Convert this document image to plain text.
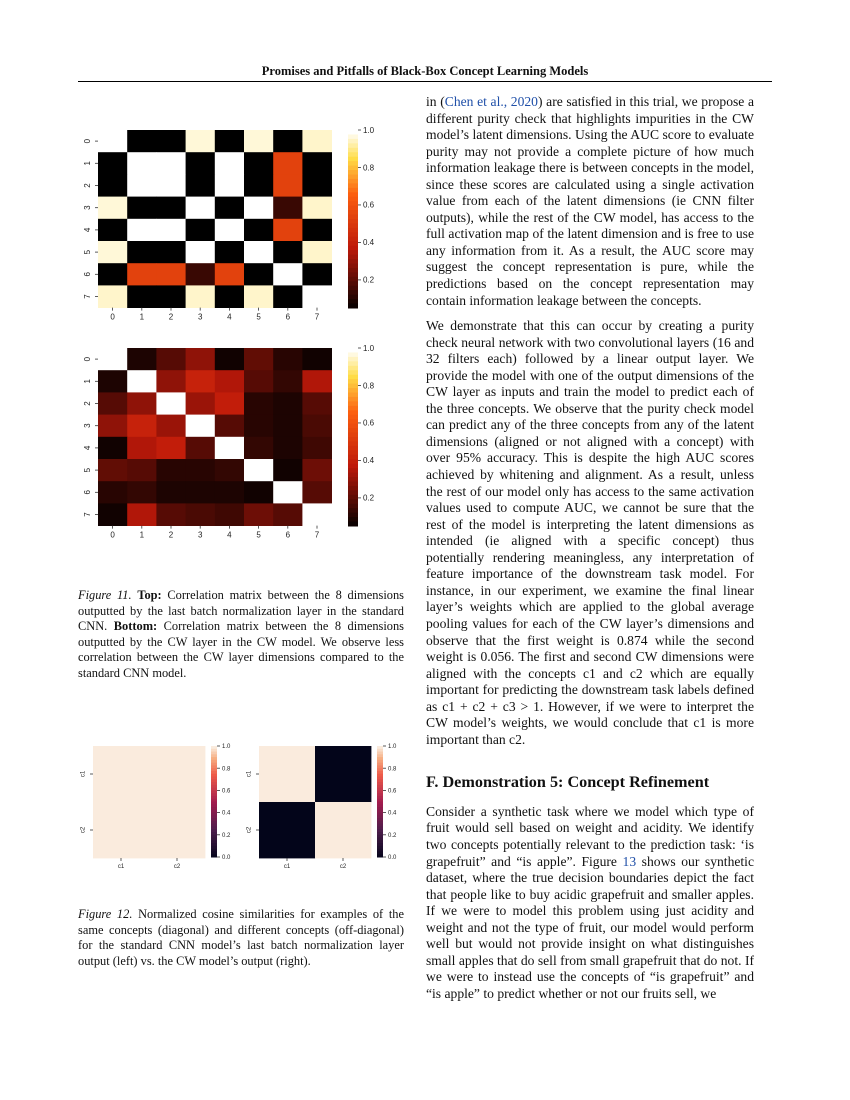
Promises and Pitfalls of Black-Box Concept Learning Models
0
1
2
3
4
5
6
7
0	1	2	3	4	5	6	7
1.0
0.8
0.6
0.4
0.2
0
1
2
3
4
5
6
7
0	1	2	3	4	5	6	7
1.0
0.8
0.6
0.4
0.2
Figure 11. Top: Correlation matrix between the 8 dimensions outputted by the last batch normalization layer in the standard CNN. Bottom: Correlation matrix between the 8 dimensions outputted by the CW layer in the CW model. We observe less correlation between the CW layer dimensions compared to the standard CNN model.
c1
c2
c1	c2
1.0
0.8
0.6
0.4
0.2
0.0
c1
c2
c1	c2
1.0
0.8
0.6
0.4
0.2
0.0
Figure 12. Normalized cosine similarities for examples of the same concepts (diagonal) and different concepts (off-diagonal) for the standard CNN model’s last batch normalization layer output (left) vs. the CW model’s output (right).

in (Chen et al., 2020) are satisfied in this trial, we propose a different purity check that highlights impurities in the CW model’s latent dimensions. Using the AUC score to evaluate purity may not provide a complete picture of how much information leakage there is between concepts in the model, since these scores are calculated using a single activation value from each of the latent dimensions (ie CNN filter outputs), while the rest of the CW model, has access to the full activation map of the latent dimension and is free to use any information from it. As a result, the AUC score may suggest the concept representation is pure, while the predictions based on the concept representation may contain information leakage between the concepts.

We demonstrate that this can occur by creating a purity check neural network with two convolutional layers (16 and 32 filters each) followed by a linear output layer. We provide the model with one of the output dimensions of the CW layer as inputs and train the model to predict each of the three concepts. We observe that the purity check model can predict any of the three concepts from any of the latent dimensions (aligned or not aligned with a concept) with over 95% accuracy. This is despite the high AUC scores achieved by whitening and alignment. As a result, unless the rest of our model only has access to the same activation values used to compute AUC, we cannot be sure that the rest of the model is interpreting the latent dimensions as intended (ie aligned with a specific concept) thus potentially rendering meaningless, any interpretation of feature importance of the downstream task model. For instance, in our experiment, we examine the final linear layer’s weights which are applied to the global average pooling values for each of the CW layer’s dimensions and observe that the first weight is 0.874 while the second weight is 0.056. The first and second CW dimensions were aligned with the concepts c1 and c2 which are equally important for predicting the downstream task labels defined as c1 + c2 + c3 > 1. However, if we were to interpret the CW model’s weights, we would conclude that c1 is more important than c2.

F. Demonstration 5: Concept Refinement

Consider a synthetic task where we model which type of fruit would sell based on weight and acidity. We identify two concepts potentially relevant to the prediction task: ‘is grapefruit” and “is apple”. Figure 13 shows our synthetic dataset, where the true decision boundaries depict the fact that people like to buy acidic grapefruit and smaller apples. If we were to model this problem using just acidity and weight and not the type of fruit, our model would perform well but would not provide insight on what distinguishes small apples that do sell from small grapefruit that do not. If we were to instead use the concepts of “is grapefruit” and “is apple” to predict whether or not our fruits sell, we
